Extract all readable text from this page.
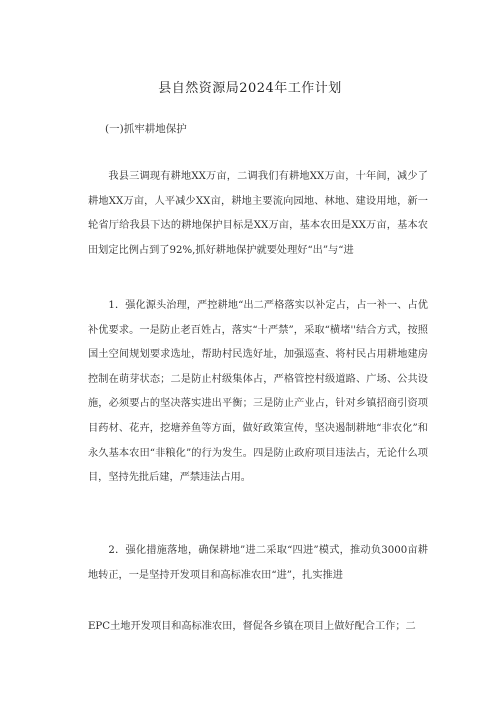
县自然资源局2024年工作计划
(一)抓牢耕地保护

我县三调现有耕地XX万亩，二调我们有耕地XX万亩，十年间，减少了耕地XX万亩，人平减少XX亩，耕地主要流向园地、林地、建设用地，新一轮省厅给我县下达的耕地保护目标是XX万亩，基本农田是XX万亩，基本农田划定比例占到了92%,抓好耕地保护就要处理好“出”与“进

1．强化源头治理，严控耕地“出二严格落实以补定占，占一补一、占优补优要求。一是防止老百姓占，落实“十严禁”，采取“横堵''结合方式，按照国土空间规划要求选址，帮助村民选好址，加强巡查、将村民占用耕地建房控制在萌芽状态；二是防止村级集体占，严格管控村级道路、广场、公共设施，必须要占的坚决落实进出平衡；三是防止产业占，针对乡镇招商引资项目药材、花卉，挖塘养鱼等方面，做好政策宣传，坚决遏制耕地“非农化”和永久基本农田“非粮化”的行为发生。四是防止政府项目违法占，无论什么项目，坚持先批后建，严禁违法占用。

2．强化措施落地，确保耕地”进二采取“四进”模式，推动负3000亩耕地转正，一是坚持开发项目和高标准农田“进”，扎实推进

EPC土地开发项目和高标准农田，督促各乡镇在项目上做好配合工作；二
